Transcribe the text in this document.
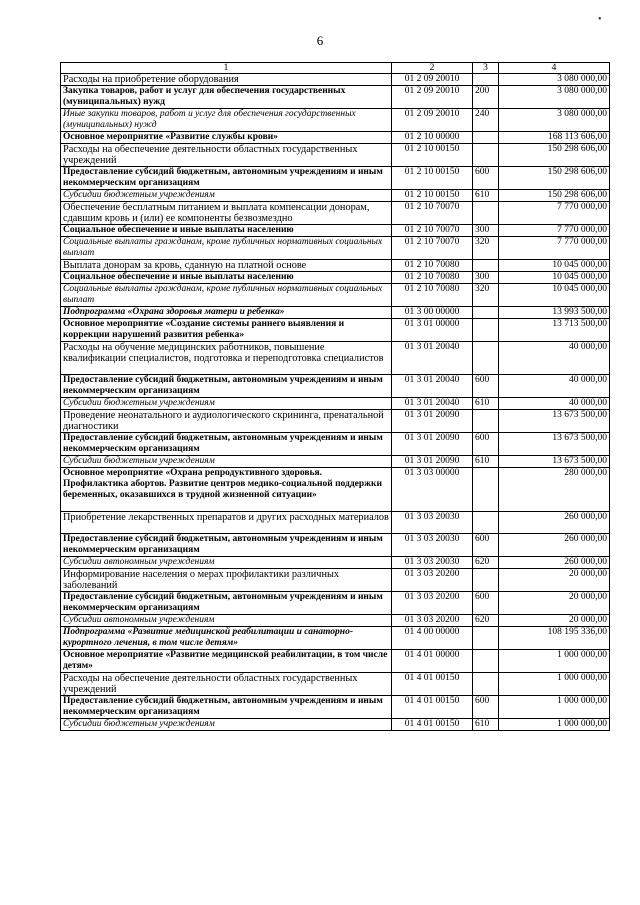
•
6
1	2	3	4
Расходы на приобретение оборудования	01 2 09 20010		3 080 000,00
Закупка товаров, работ и услуг для обеспечения государственных (муниципальных) нужд	01 2 09 20010	200	3 080 000,00
Иные закупки товаров, работ и услуг для обеспечения государственных (муниципальных) нужд	01 2 09 20010	240	3 080 000,00
Основное мероприятие «Развитие службы крови»	01 2 10 00000		168 113 606,00
Расходы на обеспечение деятельности областных государственных учреждений	01 2 10 00150		150 298 606,00
Предоставление субсидий бюджетным, автономным учреждениям и иным некоммерческим организациям	01 2 10 00150	600	150 298 606,00
Субсидии бюджетным учреждениям	01 2 10 00150	610	150 298 606,00
Обеспечение бесплатным питанием и выплата компенсации донорам, сдавшим кровь и (или) ее компоненты безвозмездно	01 2 10 70070		7 770 000,00
Социальное обеспечение и иные выплаты населению	01 2 10 70070	300	7 770 000,00
Социальные выплаты гражданам, кроме публичных нормативных социальных выплат	01 2 10 70070	320	7 770 000,00
Выплата донорам за кровь, сданную на платной основе	01 2 10 70080		10 045 000,00
Социальное обеспечение и иные выплаты населению	01 2 10 70080	300	10 045 000,00
Социальные выплаты гражданам, кроме публичных нормативных социальных выплат	01 2 10 70080	320	10 045 000,00
Подпрограмма «Охрана здоровья матери и ребенка»	01 3 00 00000		13 993 500,00
Основное мероприятие «Создание системы раннего выявления и коррекции нарушений развития ребенка»	01 3 01 00000		13 713 500,00
Расходы на обучение медицинских работников, повышение квалификации специалистов, подготовка и переподготовка специалистов	01 3 01 20040		40 000,00
Предоставление субсидий бюджетным, автономным учреждениям и иным некоммерческим организациям	01 3 01 20040	600	40 000,00
Субсидии бюджетным учреждениям	01 3 01 20040	610	40 000,00
Проведение неонатального и аудиологического скрининга, пренатальной диагностики	01 3 01 20090		13 673 500,00
Предоставление субсидий бюджетным, автономным учреждениям и иным некоммерческим организациям	01 3 01 20090	600	13 673 500,00
Субсидии бюджетным учреждениям	01 3 01 20090	610	13 673 500,00
Основное мероприятие «Охрана репродуктивного здоровья. Профилактика абортов. Развитие центров медико-социальной поддержки беременных, оказавшихся в трудной жизненной ситуации»	01 3 03 00000		280 000,00
Приобретение лекарственных препаратов и других расходных материалов	01 3 03 20030		260 000,00
Предоставление субсидий бюджетным, автономным учреждениям и иным некоммерческим организациям	01 3 03 20030	600	260 000,00
Субсидии автономным учреждениям	01 3 03 20030	620	260 000,00
Информирование населения о мерах профилактики различных заболеваний	01 3 03 20200		20 000,00
Предоставление субсидий бюджетным, автономным учреждениям и иным некоммерческим организациям	01 3 03 20200	600	20 000,00
Субсидии автономным учреждениям	01 3 03 20200	620	20 000,00
Подпрограмма «Развитие медицинской реабилитации и санаторно-курортного лечения, в том числе детям»	01 4 00 00000		108 195 336,00
Основное мероприятие «Развитие медицинской реабилитации, в том числе детям»	01 4 01 00000		1 000 000,00
Расходы на обеспечение деятельности областных государственных учреждений	01 4 01 00150		1 000 000,00
Предоставление субсидий бюджетным, автономным учреждениям и иным некоммерческим организациям	01 4 01 00150	600	1 000 000,00
Субсидии бюджетным учреждениям	01 4 01 00150	610	1 000 000,00
